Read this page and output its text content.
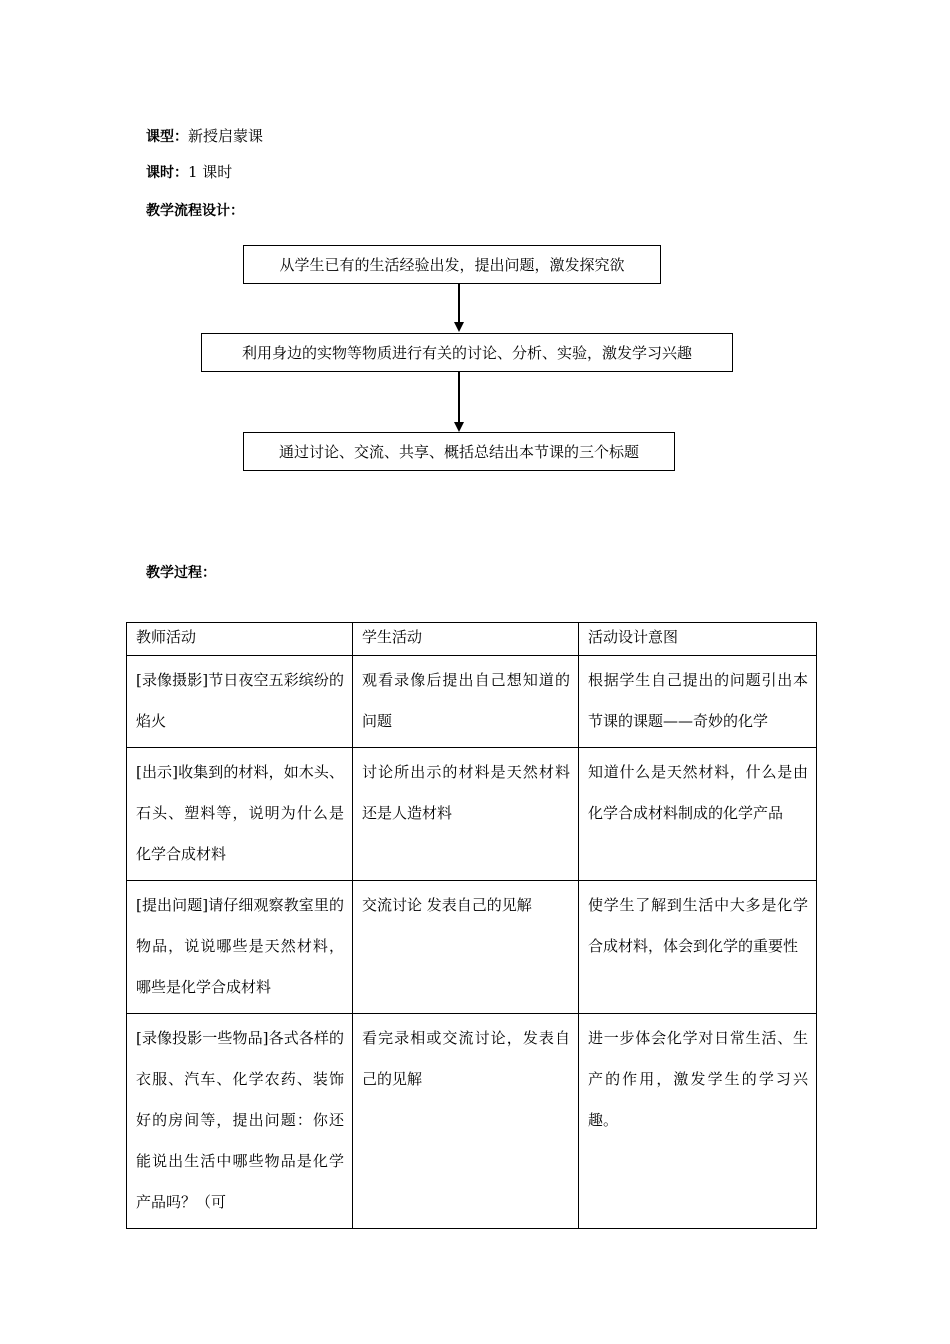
课型：新授启蒙课
课时：1 课时
教学流程设计：
从学生已有的生活经验出发，提出问题，激发探究欲
利用身边的实物等物质进行有关的讨论、分析、实验，激发学习兴趣
通过讨论、交流、共享、概括总结出本节课的三个标题
教学过程：
教师活动	学生活动	活动设计意图
[录像摄影]节日夜空五彩缤纷的焰火	观看录像后提出自己想知道的问题	根据学生自己提出的问题引出本节课的课题——奇妙的化学
[出示]收集到的材料，如木头、石头、塑料等，说明为什么是化学合成材料	讨论所出示的材料是天然材料还是人造材料	知道什么是天然材料，什么是由化学合成材料制成的化学产品
[提出问题]请仔细观察教室里的物品，说说哪些是天然材料，哪些是化学合成材料	交流讨论 发表自己的见解	使学生了解到生活中大多是化学合成材料，体会到化学的重要性
[录像投影一些物品]各式各样的衣服、汽车、化学农药、装饰好的房间等，提出问题：你还能说出生活中哪些物品是化学产品吗？（可	看完录相或交流讨论，发表自己的见解	进一步体会化学对日常生活、生产的作用，激发学生的学习兴趣。
